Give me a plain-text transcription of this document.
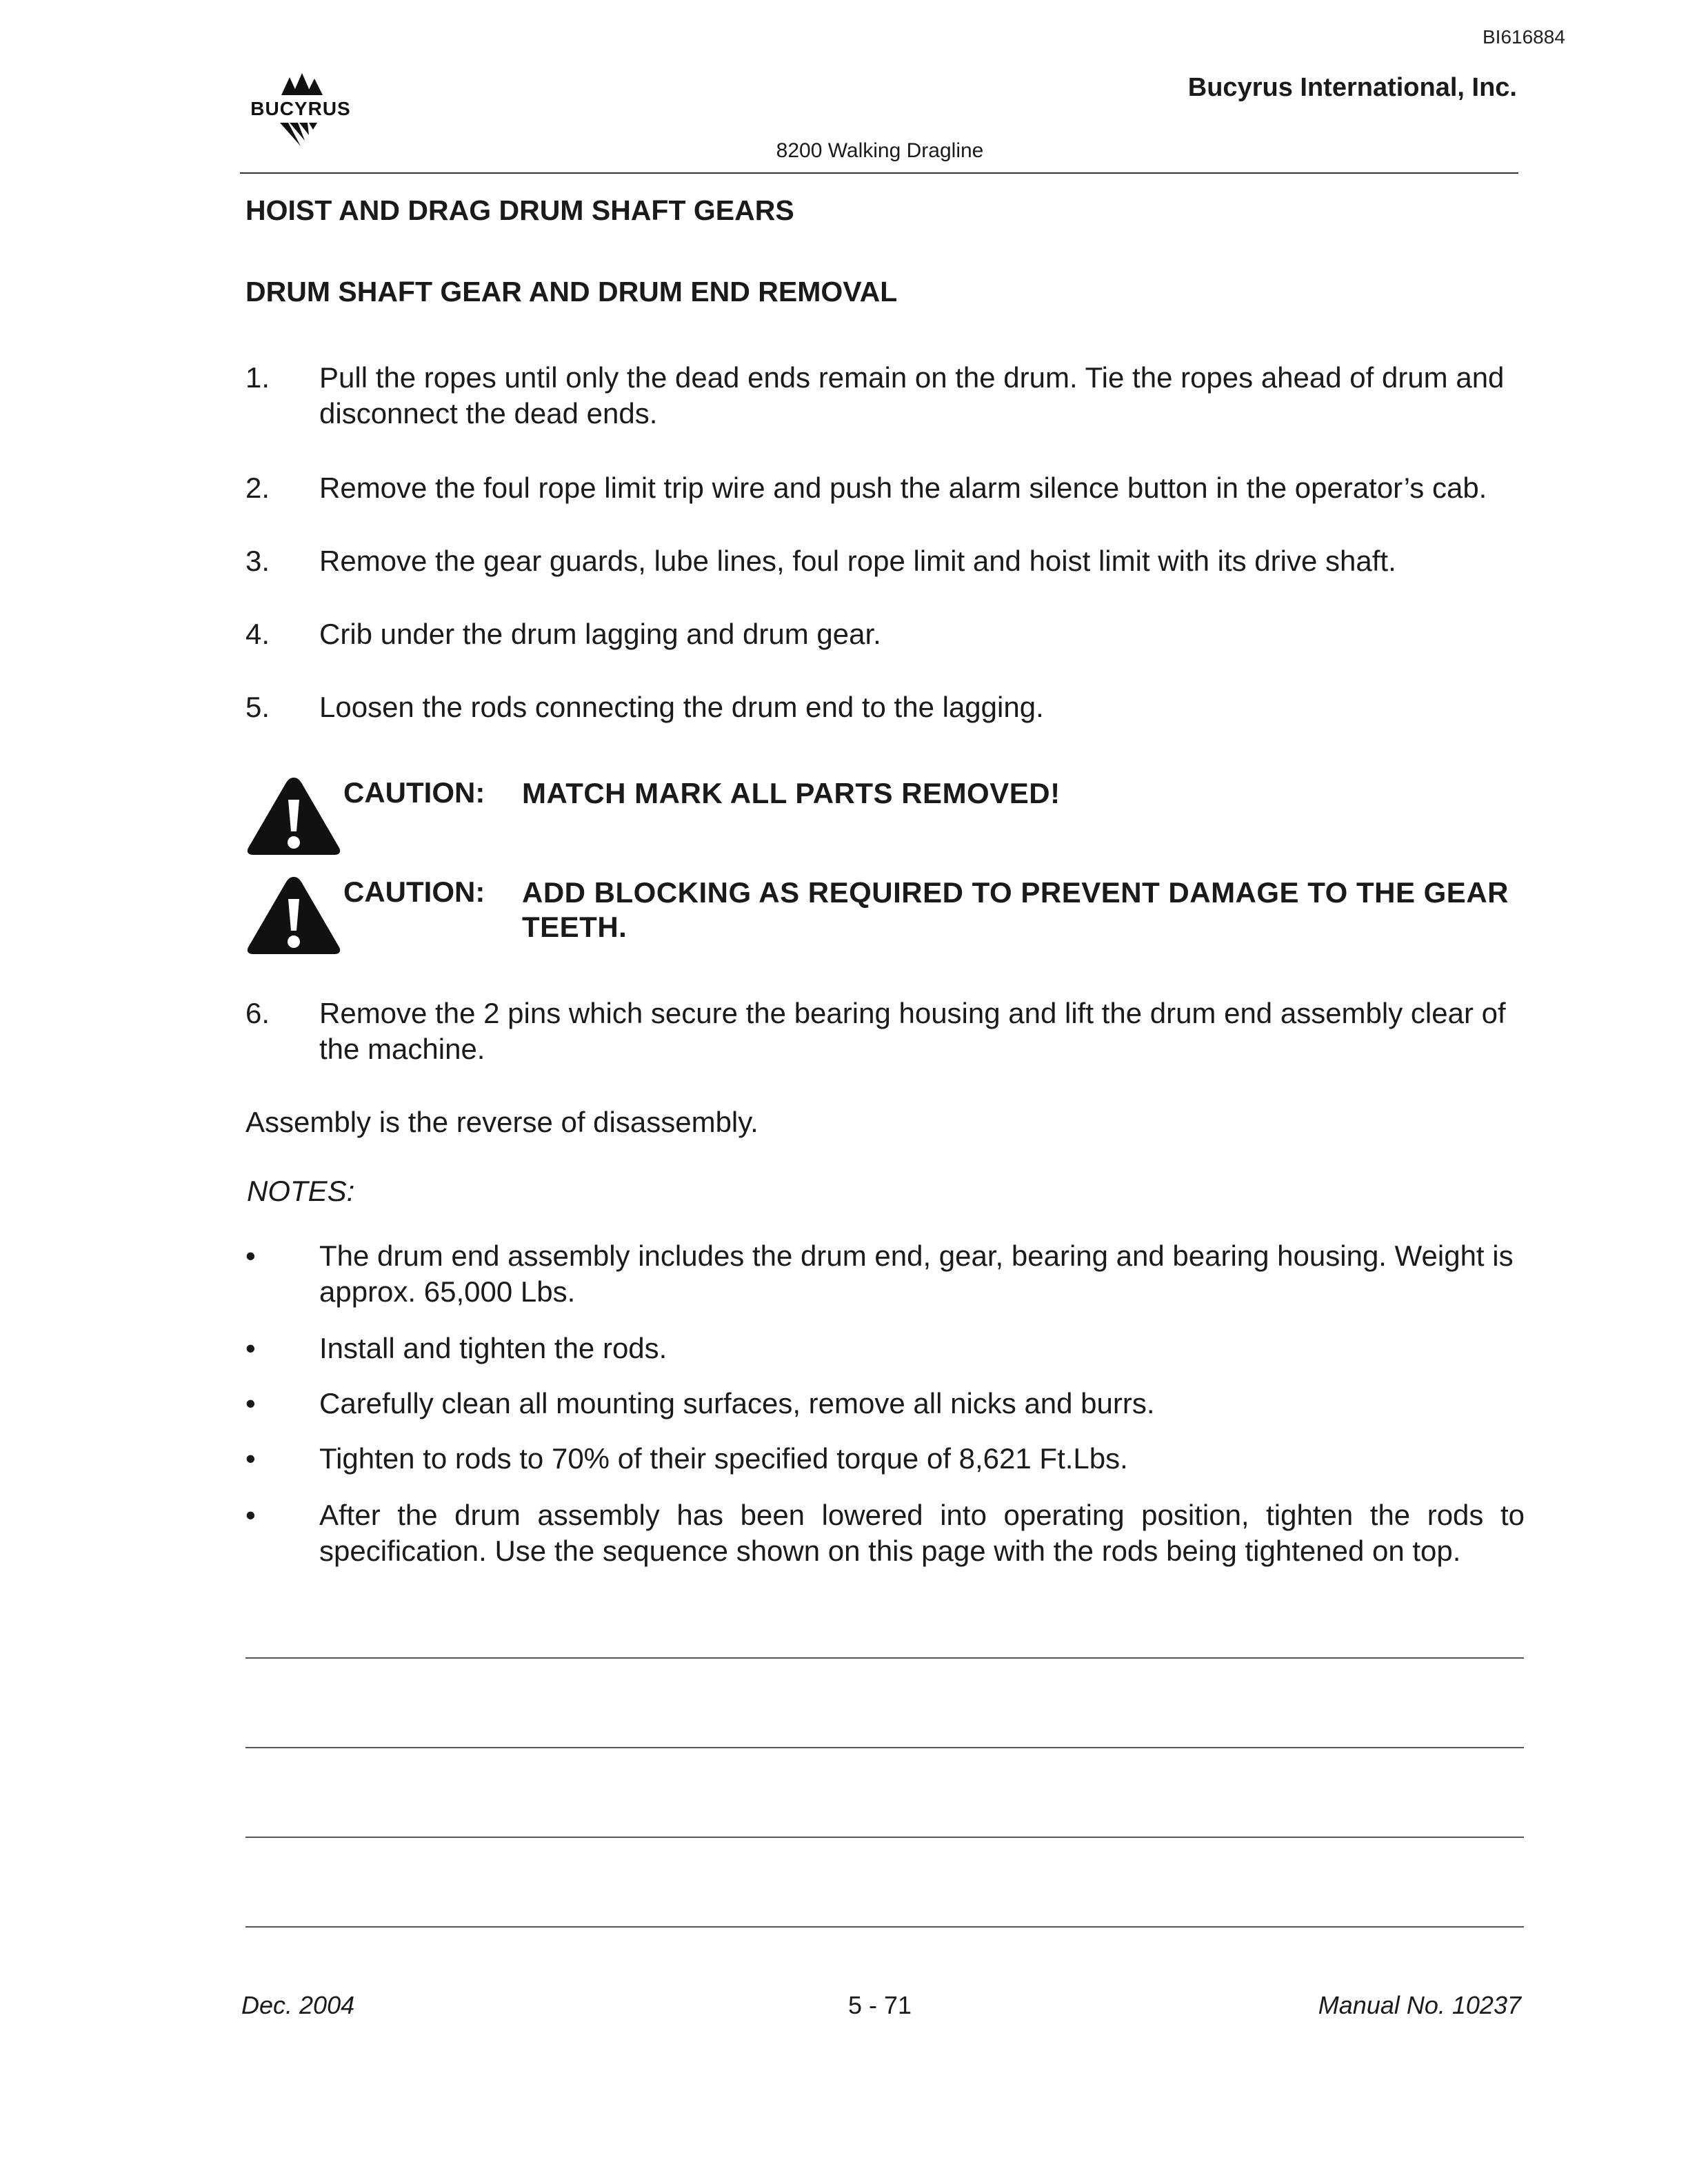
BI616884
BUCYRUS
Bucyrus International, Inc.
8200 Walking Dragline
HOIST AND DRAG DRUM SHAFT GEARS
DRUM SHAFT GEAR AND DRUM END REMOVAL
1.	Pull the ropes until only the dead ends remain on the drum. Tie the ropes ahead of drum and disconnect the dead ends.
2.	Remove the foul rope limit trip wire and push the alarm silence button in the operator’s cab.
3.	Remove the gear guards, lube lines, foul rope limit and hoist limit with its drive shaft.
4.	Crib under the drum lagging and drum gear.
5.	Loosen the rods connecting the drum end to the lagging.
CAUTION: MATCH MARK ALL PARTS REMOVED!
CAUTION: ADD BLOCKING AS REQUIRED TO PREVENT DAMAGE TO THE GEAR TEETH.
6.	Remove the 2 pins which secure the bearing housing and lift the drum end assembly clear of the machine.
Assembly is the reverse of disassembly.
NOTES:
•	The drum end assembly includes the drum end, gear, bearing and bearing housing. Weight is approx. 65,000 Lbs.
•	Install and tighten the rods.
•	Carefully clean all mounting surfaces, remove all nicks and burrs.
•	Tighten to rods to 70% of their specified torque of 8,621 Ft.Lbs.
•	After the drum assembly has been lowered into operating position, tighten the rods to specification. Use the sequence shown on this page with the rods being tightened on top.
Dec. 2004	5 - 71	Manual No. 10237
